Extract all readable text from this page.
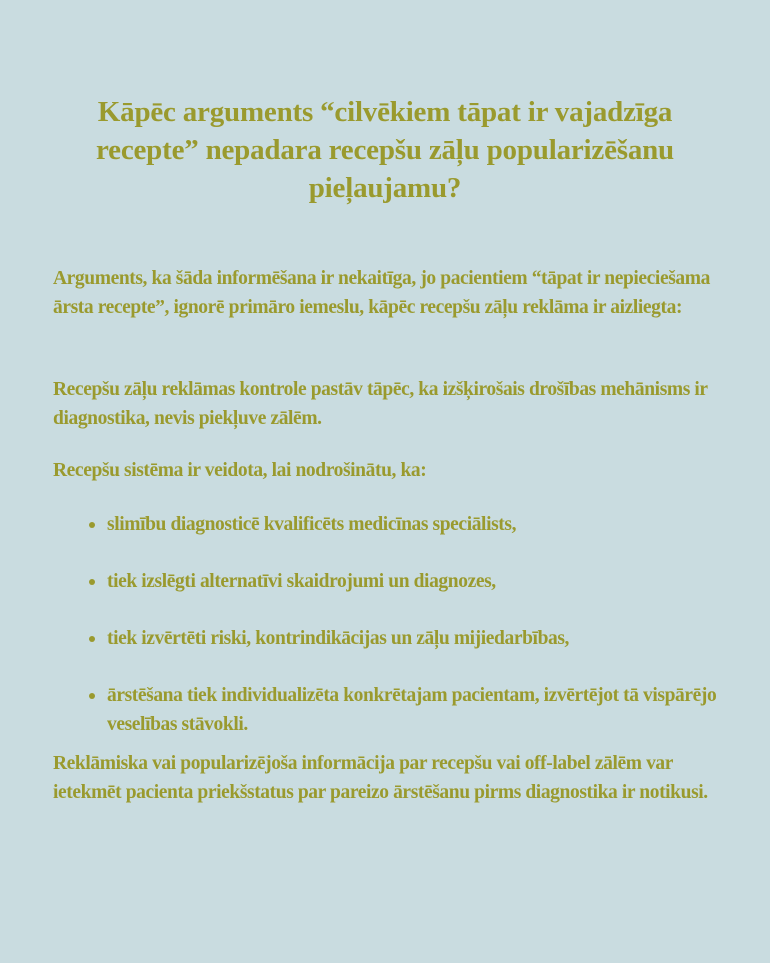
Kāpēc arguments “cilvēkiem tāpat ir vajadzīga recepte” nepadara recepšu zāļu popularizēšanu pieļaujamu?

Arguments, ka šāda informēšana ir nekaitīga, jo pacientiem “tāpat ir nepieciešama ārsta recepte”, ignorē primāro iemeslu, kāpēc recepšu zāļu reklāma ir aizliegta:

Recepšu zāļu reklāmas kontrole pastāv tāpēc, ka izšķirošais drošības mehānisms ir diagnostika, nevis piekļuve zālēm.

Recepšu sistēma ir veidota, lai nodrošinātu, ka:

slimību diagnosticē kvalificēts medicīnas speciālists,
tiek izslēgti alternatīvi skaidrojumi un diagnozes,
tiek izvērtēti riski, kontrindikācijas un zāļu mijiedarbības,
ārstēšana tiek individualizēta konkrētajam pacientam, izvērtējot tā vispārējo veselības stāvokli.

Reklāmiska vai popularizējoša informācija par recepšu vai off-label zālēm var ietekmēt pacienta priekšstatus par pareizo ārstēšanu pirms diagnostika ir notikusi.
